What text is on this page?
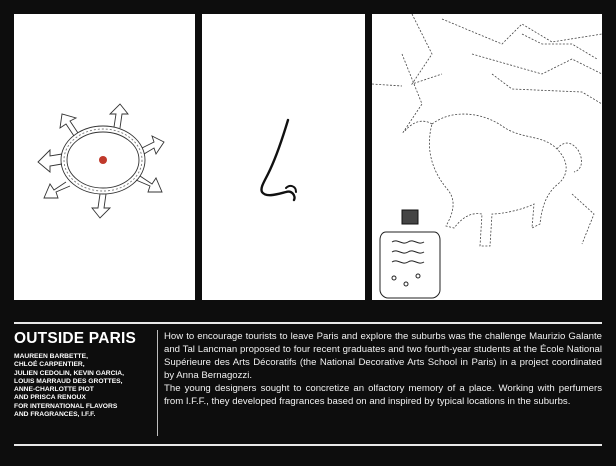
OUTSIDE PARIS
MAUREEN BARBETTE,
CHLOÉ CARPENTIER,
JULIEN CEDOLIN, KEVIN GARCIA,
LOUIS MARRAUD DES GROTTES,
ANNE-CHARLOTTE PIOT
AND PRISCA RENOUX
FOR INTERNATIONAL FLAVORS
AND FRAGRANCES, I.F.F.

How to encourage tourists to leave Paris and explore the suburbs was the challenge Maurizio Galante and Tal Lancman proposed to four recent graduates and two fourth-year students at the École National Supérieure des Arts Décoratifs (the National Decorative Arts School in Paris) in a project coordinated by Anna Bernagozzi.

The young designers sought to concretize an olfactory memory of a place. Working with perfumers from I.F.F., they developed fragrances based on and inspired by typical locations in the suburbs.
